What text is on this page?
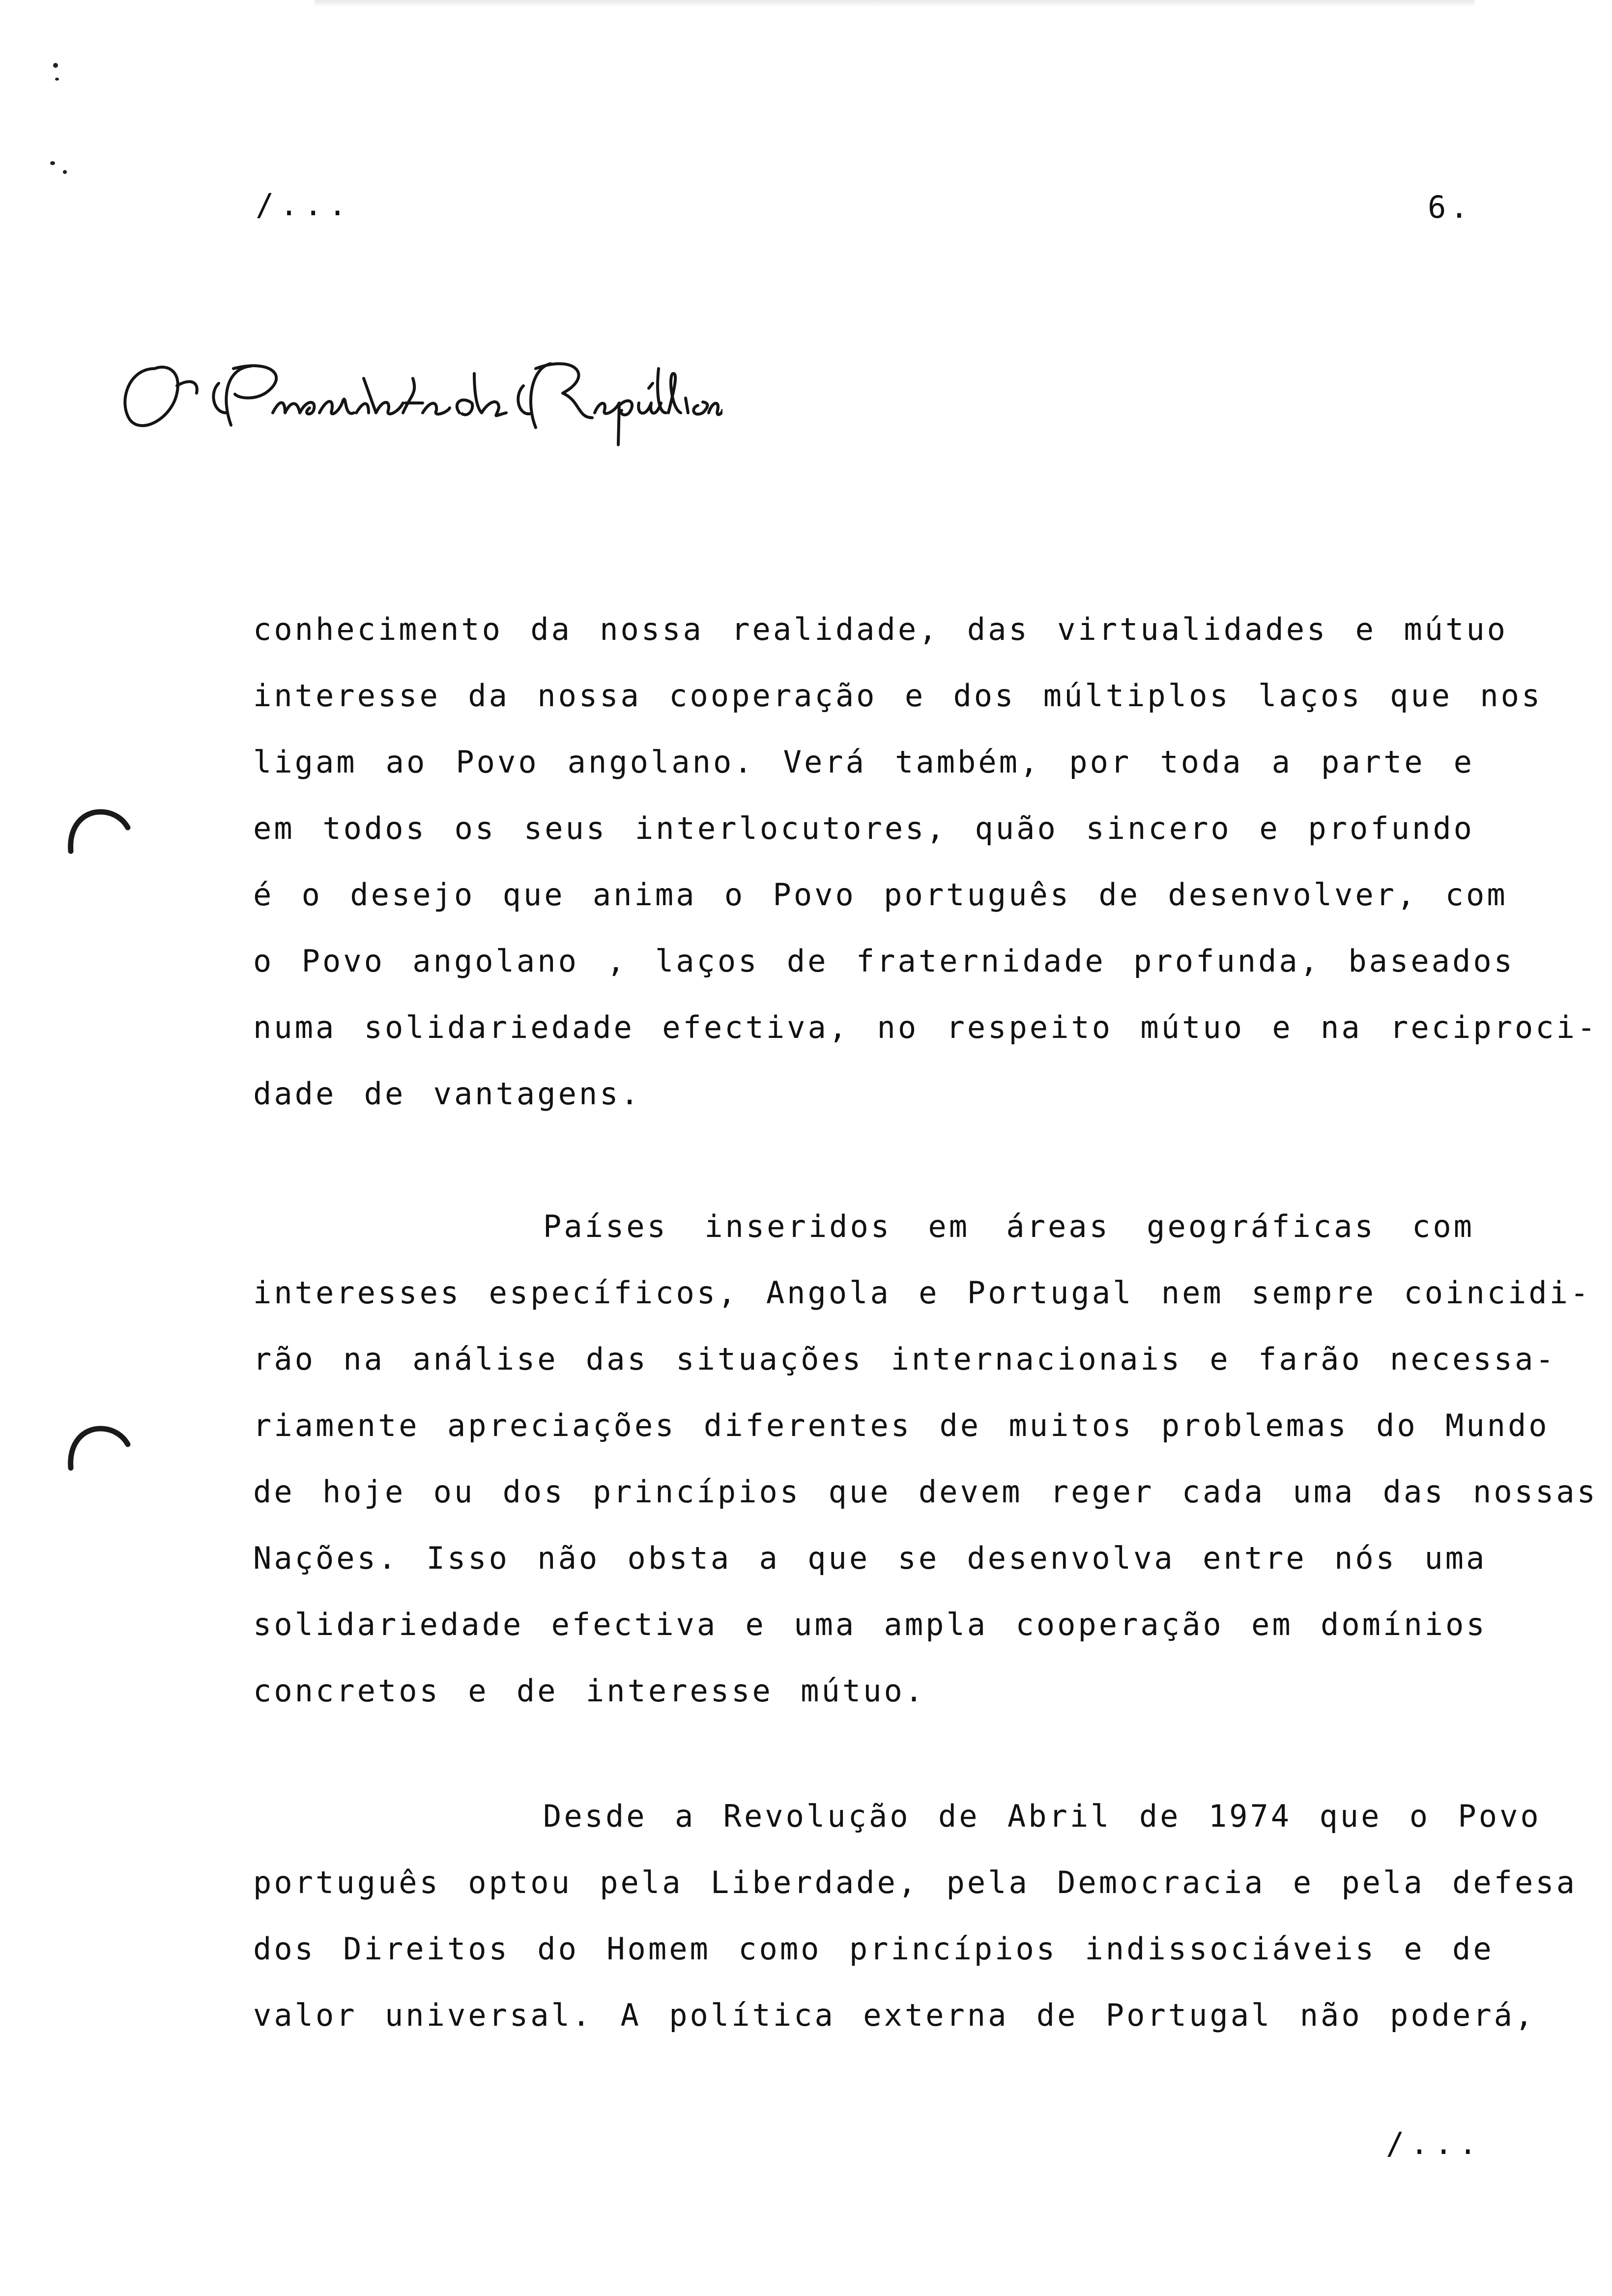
/...	6.
conhecimento da nossa realidade, das virtualidades e mútuo
interesse da nossa cooperação e dos múltiplos laços que nos
ligam ao Povo angolano. Verá também, por toda a parte e
em todos os seus interlocutores, quão sincero e profundo
é o desejo que anima o Povo português de desenvolver, com
o Povo angolano , laços de fraternidade profunda, baseados
numa solidariedade efectiva, no respeito mútuo e na reciproci-
dade de vantagens.
Países inseridos em áreas geográficas com
interesses específicos, Angola e Portugal nem sempre coincidi-
rão na análise das situações internacionais e farão necessa-
riamente apreciações diferentes de muitos problemas do Mundo
de hoje ou dos princípios que devem reger cada uma das nossas
Nações. Isso não obsta a que se desenvolva entre nós uma
solidariedade efectiva e uma ampla cooperação em domínios
concretos e de interesse mútuo.
Desde a Revolução de Abril de 1974 que o Povo
português optou pela Liberdade, pela Democracia e pela defesa
dos Direitos do Homem como princípios indissociáveis e de
valor universal. A política externa de Portugal não poderá,
/...
